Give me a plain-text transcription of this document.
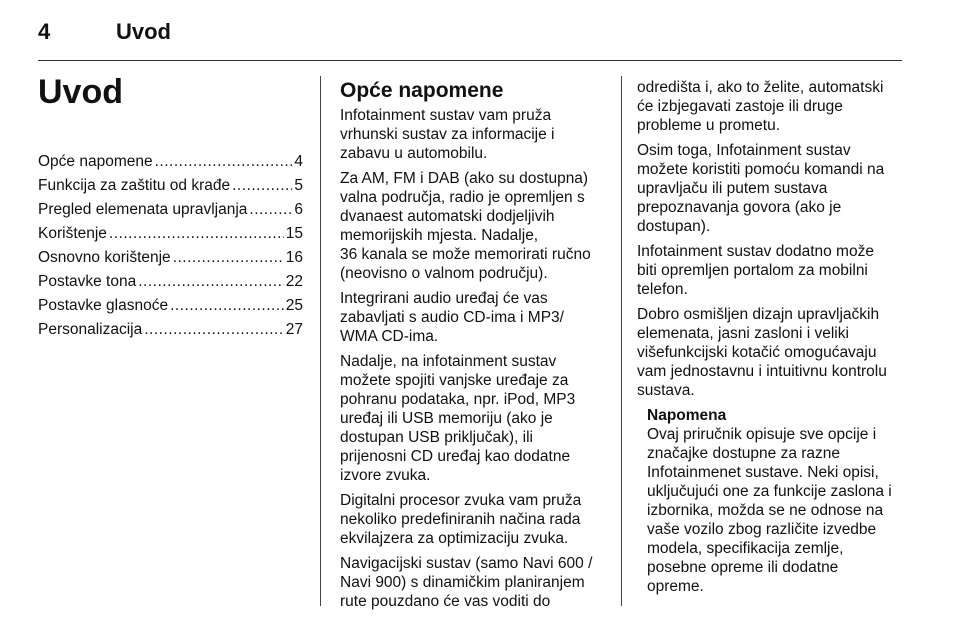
4	Uvod
Uvod
Opće napomene .....	4
Funkcija za zaštitu od krađe .....	5
Pregled elemenata upravljanja .....	6
Korištenje .....	15
Osnovno korištenje .....	16
Postavke tona .....	22
Postavke glasnoće .....	25
Personalizacija .....	27
Opće napomene

Infotainment sustav vam pruža
vrhunski sustav za informacije i
zabavu u automobilu.

Za AM, FM i DAB (ako su dostupna)
valna područja, radio je opremljen s
dvanaest automatski dodjeljivih
memorijskih mjesta. Nadalje,
36 kanala se može memorirati ručno
(neovisno o valnom području).

Integrirani audio uređaj će vas
zabavljati s audio CD-ima i MP3/
WMA CD-ima.

Nadalje, na infotainment sustav
možete spojiti vanjske uređaje za
pohranu podataka, npr. iPod, MP3
uređaj ili USB memoriju (ako je
dostupan USB priključak), ili
prijenosni CD uređaj kao dodatne
izvore zvuka.

Digitalni procesor zvuka vam pruža
nekoliko predefiniranih načina rada
ekvilajzera za optimizaciju zvuka.

Navigacijski sustav (samo Navi 600 /
Navi 900) s dinamičkim planiranjem
rute pouzdano će vas voditi do

odredišta i, ako to želite, automatski
će izbjegavati zastoje ili druge
probleme u prometu.

Osim toga, Infotainment sustav
možete koristiti pomoću komandi na
upravljaču ili putem sustava
prepoznavanja govora (ako je
dostupan).

Infotainment sustav dodatno može
biti opremljen portalom za mobilni
telefon.

Dobro osmišljen dizajn upravljačkih
elemenata, jasni zasloni i veliki
višefunkcijski kotačić omogućavaju
vam jednostavnu i intuitivnu kontrolu
sustava.

Napomena

Ovaj priručnik opisuje sve opcije i
značajke dostupne za razne
Infotainmenet sustave. Neki opisi,
uključujući one za funkcije zaslona i
izbornika, možda se ne odnose na
vaše vozilo zbog različite izvedbe
modela, specifikacija zemlje,
posebne opreme ili dodatne
opreme.
